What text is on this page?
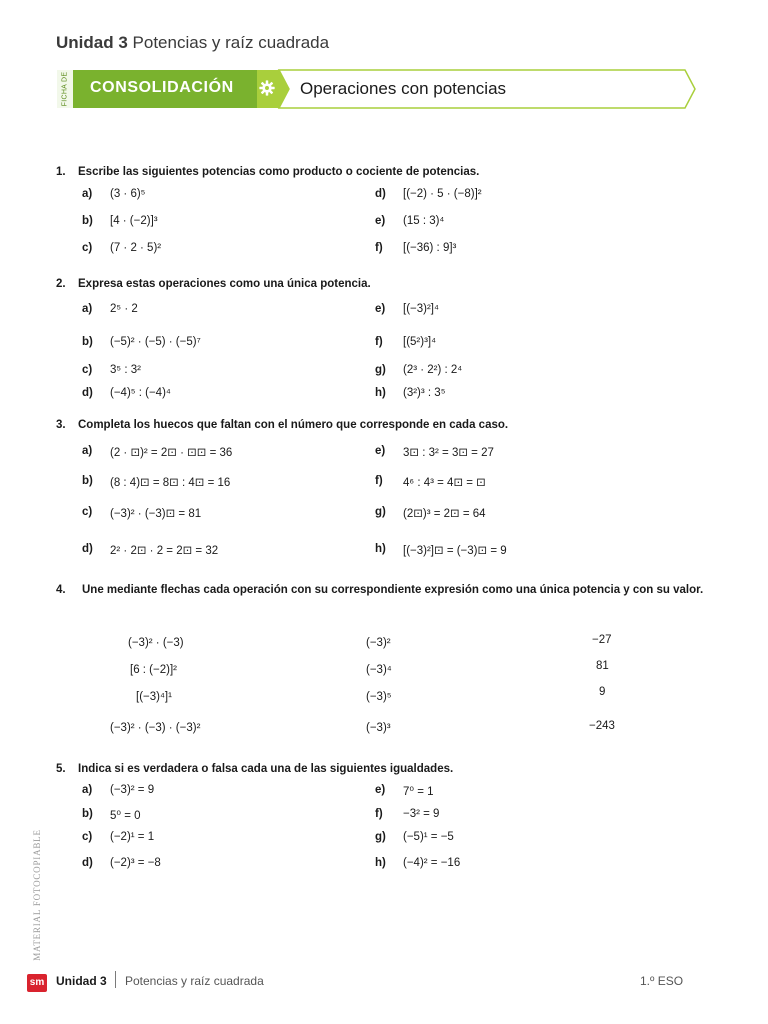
Unidad 3 Potencias y raíz cuadrada
FICHA DE CONSOLIDACIÓN	Operaciones con potencias
1. Escribe las siguientes potencias como producto o cociente de potencias.
a) (3 · 6)⁵
b) [4 · (−2)]³
c) (7 · 2 · 5)²
d) [(−2) · 5 · (−8)]²
e) (15 : 3)⁴
f) [(−36) : 9]³
2. Expresa estas operaciones como una única potencia.
a) 2⁵ · 2
b) (−5)² · (−5) · (−5)⁷
c) 3⁵ : 3²
d) (−4)⁵ : (−4)⁴
e) [(−3)²]⁴
f) [(5²)³]⁴
g) (2³ · 2²) : 2⁴
h) (3²)³ : 3⁵
3. Completa los huecos que faltan con el número que corresponde en cada caso.
a) (2 · ⊡)² = 2⊡ · ⊡⊡ = 36
b) (8 : 4)⊡ = 8⊡ : 4⊡ = 16
c) (−3)² · (−3)⊡ = 81
d) 2² · 2⊡ · 2 = 2⊡ = 32
e) 3⊡ : 3² = 3⊡ = 27
f) 4⁶ : 4³ = 4⊡ = ⊡
g) (2⊡)³ = 2⊡ = 64
h) [(−3)²]⊡ = (−3)⊡ = 9
4. Une mediante flechas cada operación con su correspondiente expresión como una única potencia y con su valor.
(−3)² · (−3)
[6 : (−2)]²
[(−3)⁴]¹
(−3)² · (−3) · (−3)²
(−3)²
(−3)⁴
(−3)⁵
(−3)³
−27
81
9
−243
5. Indica si es verdadera o falsa cada una de las siguientes igualdades.
a) (−3)² = 9
b) 5⁰ = 0
c) (−2)¹ = 1
d) (−2)³ = −8
e) 7⁰ = 1
f) −3² = 9
g) (−5)¹ = −5
h) (−4)² = −16
MATERIAL FOTOCOPIABLE
sm Unidad 3 Potencias y raíz cuadrada	1.º ESO
